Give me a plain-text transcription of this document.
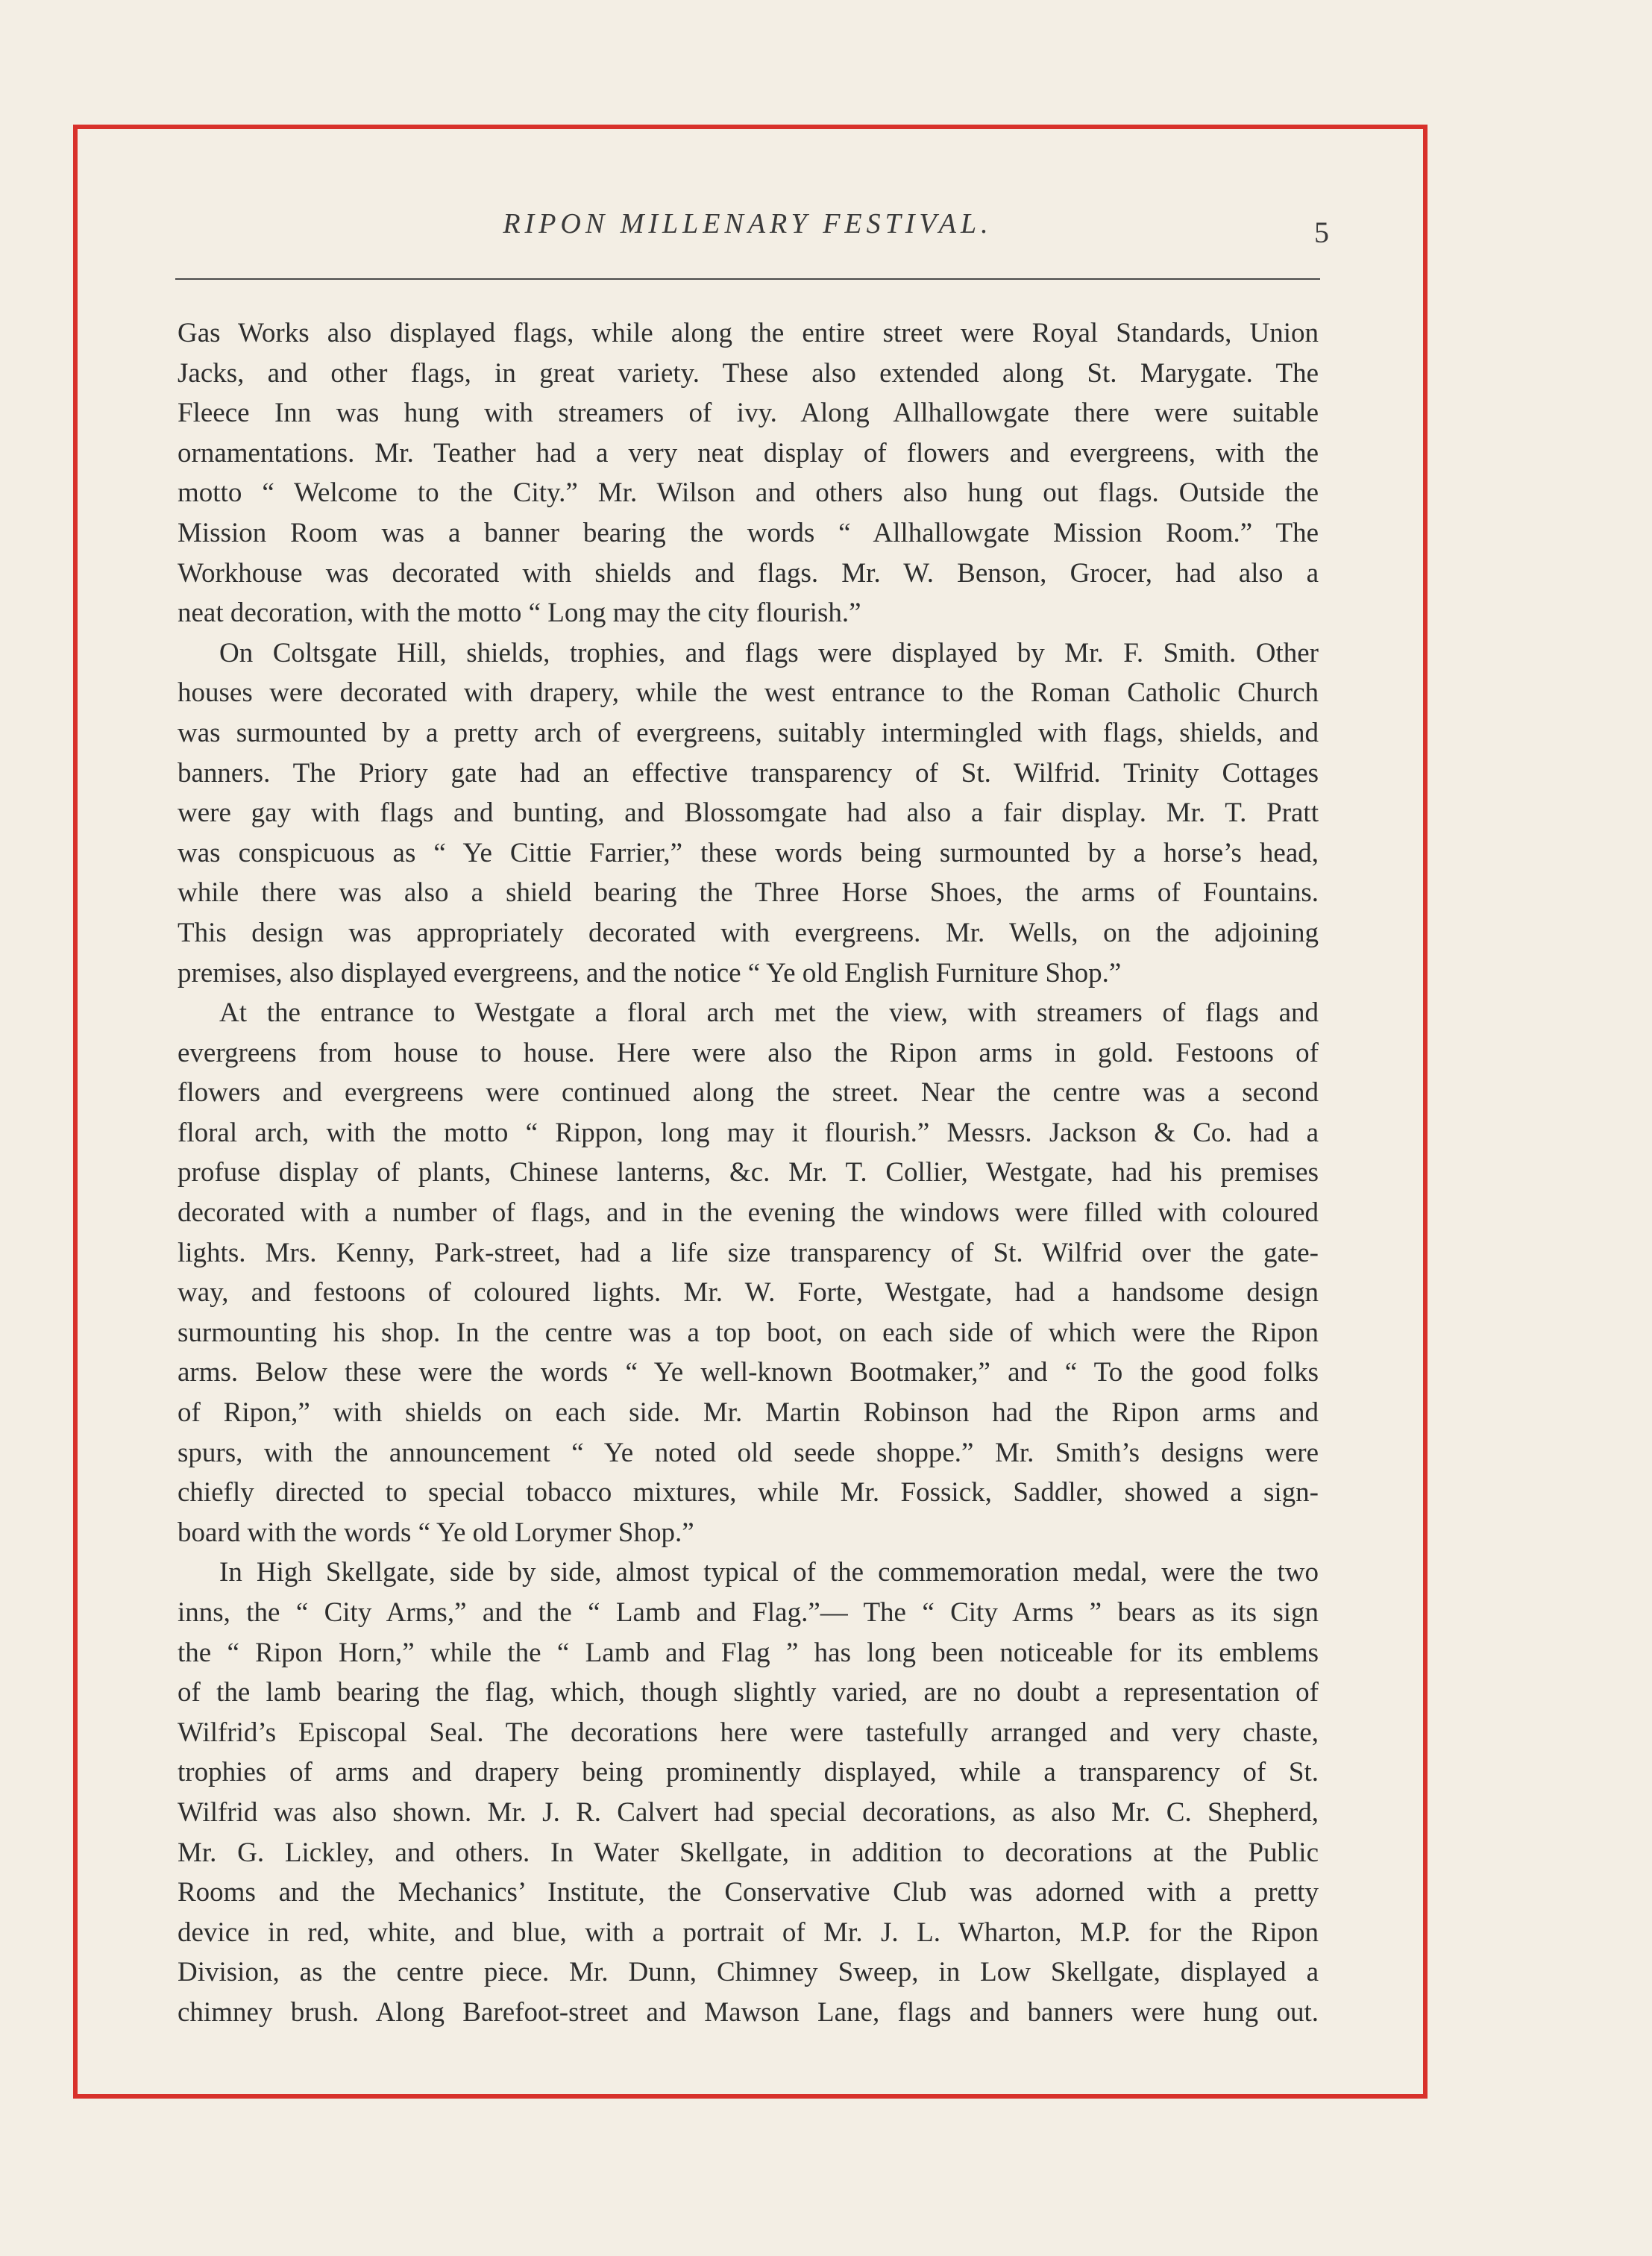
RIPON MILLENARY FESTIVAL.	5
Gas Works also displayed flags, while along the entire street were Royal Standards, Union
Jacks, and other flags, in great variety. These also extended along St. Marygate. The
Fleece Inn was hung with streamers of ivy. Along Allhallowgate there were suitable
ornamentations. Mr. Teather had a very neat display of flowers and evergreens, with the
motto “ Welcome to the City.” Mr. Wilson and others also hung out flags. Outside the
Mission Room was a banner bearing the words “ Allhallowgate Mission Room.” The
Workhouse was decorated with shields and flags. Mr. W. Benson, Grocer, had also a
neat decoration, with the motto “ Long may the city flourish.”
On Coltsgate Hill, shields, trophies, and flags were displayed by Mr. F. Smith. Other
houses were decorated with drapery, while the west entrance to the Roman Catholic Church
was surmounted by a pretty arch of evergreens, suitably intermingled with flags, shields, and
banners. The Priory gate had an effective transparency of St. Wilfrid. Trinity Cottages
were gay with flags and bunting, and Blossomgate had also a fair display. Mr. T. Pratt
was conspicuous as “ Ye Cittie Farrier,” these words being surmounted by a horse’s head,
while there was also a shield bearing the Three Horse Shoes, the arms of Fountains.
This design was appropriately decorated with evergreens. Mr. Wells, on the adjoining
premises, also displayed evergreens, and the notice “ Ye old English Furniture Shop.”
At the entrance to Westgate a floral arch met the view, with streamers of flags and
evergreens from house to house. Here were also the Ripon arms in gold. Festoons of
flowers and evergreens were continued along the street. Near the centre was a second
floral arch, with the motto “ Rippon, long may it flourish.” Messrs. Jackson & Co. had a
profuse display of plants, Chinese lanterns, &c. Mr. T. Collier, Westgate, had his premises
decorated with a number of flags, and in the evening the windows were filled with coloured
lights. Mrs. Kenny, Park-street, had a life size transparency of St. Wilfrid over the gate-
way, and festoons of coloured lights. Mr. W. Forte, Westgate, had a handsome design
surmounting his shop. In the centre was a top boot, on each side of which were the Ripon
arms. Below these were the words “ Ye well-known Bootmaker,” and “ To the good folks
of Ripon,” with shields on each side. Mr. Martin Robinson had the Ripon arms and
spurs, with the announcement “ Ye noted old seede shoppe.” Mr. Smith’s designs were
chiefly directed to special tobacco mixtures, while Mr. Fossick, Saddler, showed a sign-
board with the words “ Ye old Lorymer Shop.”
In High Skellgate, side by side, almost typical of the commemoration medal, were the two
inns, the “ City Arms,” and the “ Lamb and Flag.”— The “ City Arms ” bears as its sign
the “ Ripon Horn,” while the “ Lamb and Flag ” has long been noticeable for its emblems
of the lamb bearing the flag, which, though slightly varied, are no doubt a representation of
Wilfrid’s Episcopal Seal. The decorations here were tastefully arranged and very chaste,
trophies of arms and drapery being prominently displayed, while a transparency of St.
Wilfrid was also shown. Mr. J. R. Calvert had special decorations, as also Mr. C. Shepherd,
Mr. G. Lickley, and others. In Water Skellgate, in addition to decorations at the Public
Rooms and the Mechanics’ Institute, the Conservative Club was adorned with a pretty
device in red, white, and blue, with a portrait of Mr. J. L. Wharton, M.P. for the Ripon
Division, as the centre piece. Mr. Dunn, Chimney Sweep, in Low Skellgate, displayed a
chimney brush. Along Barefoot-street and Mawson Lane, flags and banners were hung out.
